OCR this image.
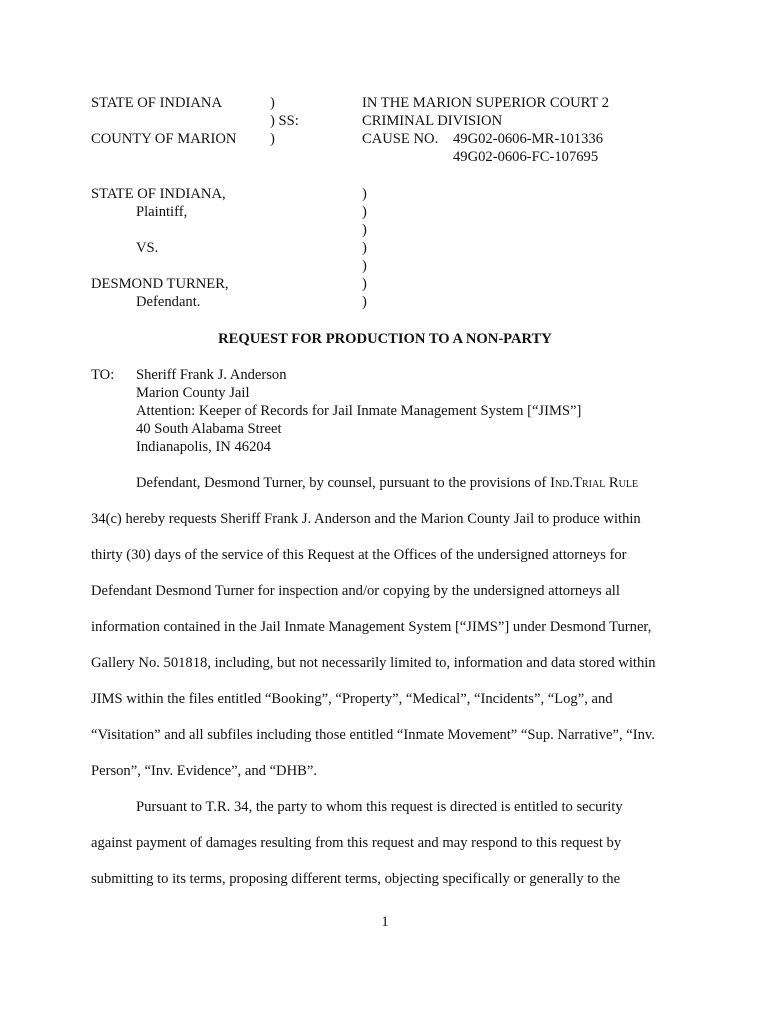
STATE OF INDIANA
COUNTY OF MARION
)
) SS:
)
IN THE MARION SUPERIOR COURT 2
CRIMINAL DIVISION
CAUSE NO. 49G02-0606-MR-101336
49G02-0606-FC-107695
STATE OF INDIANA,
Plaintiff,
VS.
DESMOND TURNER,
Defendant.
)
)
)
)
)
)
)
REQUEST FOR PRODUCTION TO A NON-PARTY
TO: Sheriff Frank J. Anderson
Marion County Jail
Attention: Keeper of Records for Jail Inmate Management System [“JIMS”]
40 South Alabama Street
Indianapolis, IN 46204
Defendant, Desmond Turner, by counsel, pursuant to the provisions of Ind.Trial Rule
34(c) hereby requests Sheriff Frank J. Anderson and the Marion County Jail to produce within
thirty (30) days of the service of this Request at the Offices of the undersigned attorneys for
Defendant Desmond Turner for inspection and/or copying by the undersigned attorneys all
information contained in the Jail Inmate Management System [“JIMS”] under Desmond Turner,
Gallery No. 501818, including, but not necessarily limited to, information and data stored within
JIMS within the files entitled “Booking”, “Property”, “Medical”, “Incidents”, “Log”, and
“Visitation” and all subfiles including those entitled “Inmate Movement” “Sup. Narrative”, “Inv.
Person”, “Inv. Evidence”, and “DHB”.
Pursuant to T.R. 34, the party to whom this request is directed is entitled to security
against payment of damages resulting from this request and may respond to this request by
submitting to its terms, proposing different terms, objecting specifically or generally to the
1
